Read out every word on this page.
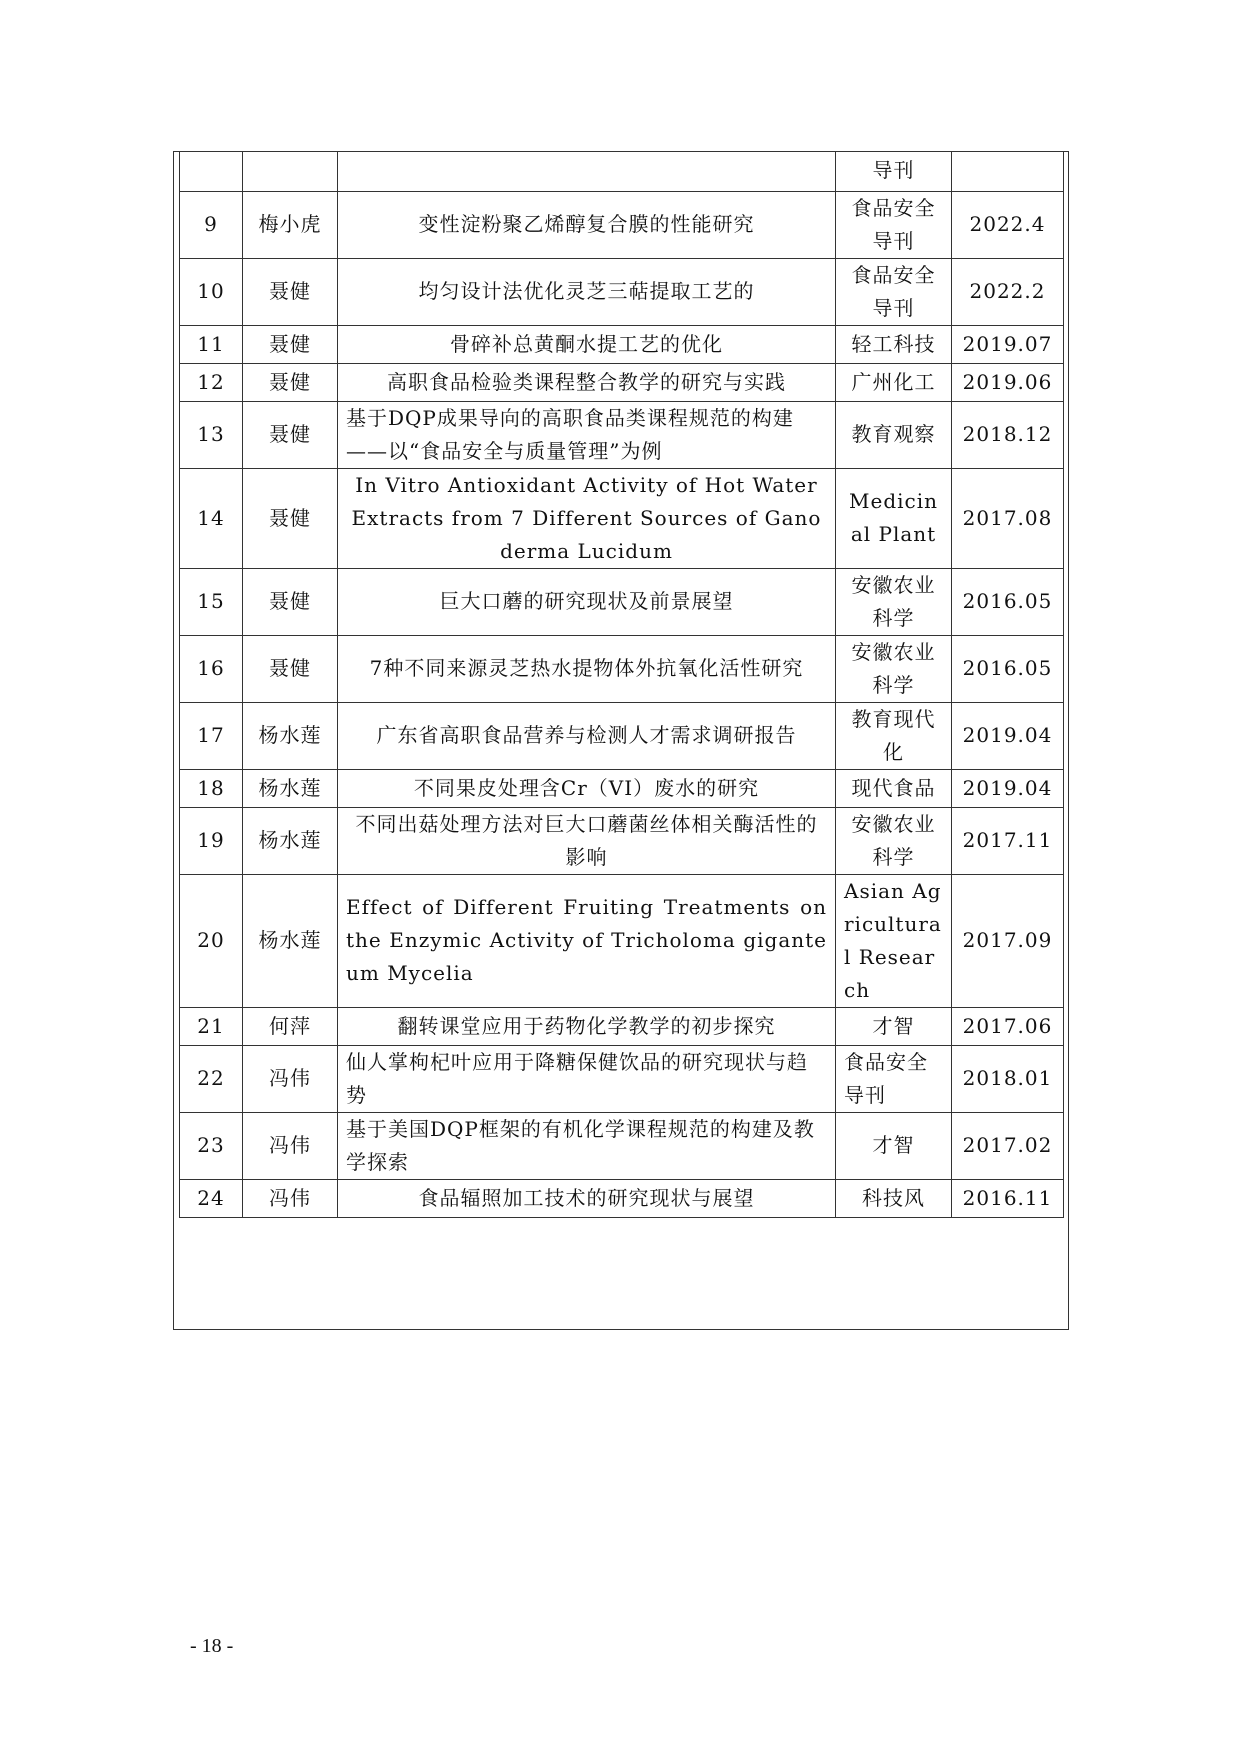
			导刊	
9	梅小虎	变性淀粉聚乙烯醇复合膜的性能研究	食品安全导刊	2022.4
10	聂健	均匀设计法优化灵芝三萜提取工艺的	食品安全导刊	2022.2
11	聂健	骨碎补总黄酮水提工艺的优化	轻工科技	2019.07
12	聂健	高职食品检验类课程整合教学的研究与实践	广州化工	2019.06
13	聂健	基于DQP成果导向的高职食品类课程规范的构建——以“食品安全与质量管理”为例	教育观察	2018.12
14	聂健	In Vitro Antioxidant Activity of Hot Water Extracts from 7 Different Sources of Ganoderma Lucidum	Medicinal Plant	2017.08
15	聂健	巨大口蘑的研究现状及前景展望	安徽农业科学	2016.05
16	聂健	7种不同来源灵芝热水提物体外抗氧化活性研究	安徽农业科学	2016.05
17	杨水莲	广东省高职食品营养与检测人才需求调研报告	教育现代化	2019.04
18	杨水莲	不同果皮处理含Cr（VI）废水的研究	现代食品	2019.04
19	杨水莲	不同出菇处理方法对巨大口蘑菌丝体相关酶活性的影响	安徽农业科学	2017.11
20	杨水莲	Effect of Different Fruiting Treatments on the Enzymic Activity of Tricholoma giganteum Mycelia	Asian Agricultural Research	2017.09
21	何萍	翻转课堂应用于药物化学教学的初步探究	才智	2017.06
22	冯伟	仙人掌枸杞叶应用于降糖保健饮品的研究现状与趋势	食品安全导刊	2018.01
23	冯伟	基于美国DQP框架的有机化学课程规范的构建及教学探索	才智	2017.02
24	冯伟	食品辐照加工技术的研究现状与展望	科技风	2016.11
- 18 -
